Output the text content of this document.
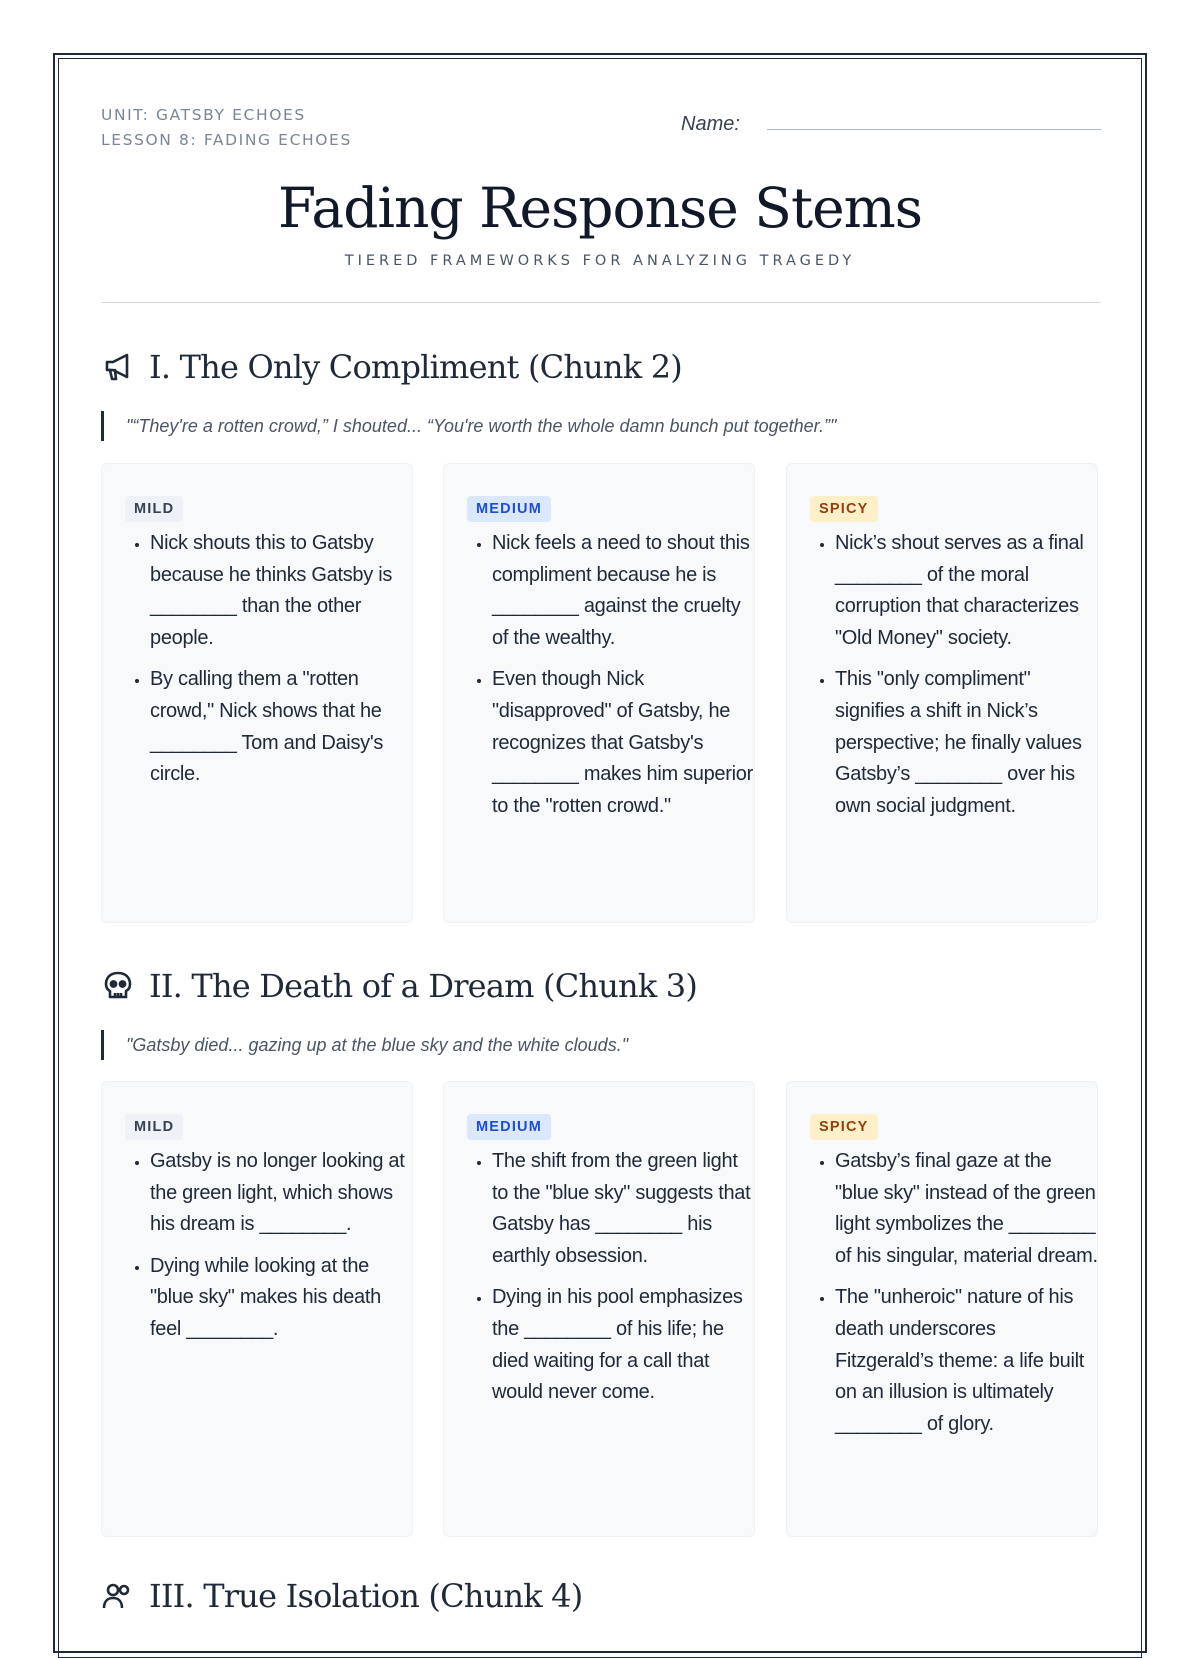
UNIT: GATSBY ECHOES
LESSON 8: FADING ECHOES
Name:
Fading Response Stems
TIERED FRAMEWORKS FOR ANALYZING TRAGEDY
I. The Only Compliment (Chunk 2)
"“They're a rotten crowd,” I shouted... “You're worth the whole damn bunch put together.”"
MILD
• Nick shouts this to Gatsby because he thinks Gatsby is ________ than the other people.
• By calling them a "rotten crowd," Nick shows that he ________ Tom and Daisy's circle.
MEDIUM
• Nick feels a need to shout this compliment because he is ________ against the cruelty of the wealthy.
• Even though Nick "disapproved" of Gatsby, he recognizes that Gatsby's ________ makes him superior to the "rotten crowd."
SPICY
• Nick’s shout serves as a final ________ of the moral corruption that characterizes "Old Money" society.
• This "only compliment" signifies a shift in Nick’s perspective; he finally values Gatsby’s ________ over his own social judgment.
II. The Death of a Dream (Chunk 3)
"Gatsby died... gazing up at the blue sky and the white clouds."
MILD
• Gatsby is no longer looking at the green light, which shows his dream is ________.
• Dying while looking at the "blue sky" makes his death feel ________.
MEDIUM
• The shift from the green light to the "blue sky" suggests that Gatsby has ________ his earthly obsession.
• Dying in his pool emphasizes the ________ of his life; he died waiting for a call that would never come.
SPICY
• Gatsby’s final gaze at the "blue sky" instead of the green light symbolizes the ________ of his singular, material dream.
• The "unheroic" nature of his death underscores Fitzgerald’s theme: a life built on an illusion is ultimately ________ of glory.
III. True Isolation (Chunk 4)
